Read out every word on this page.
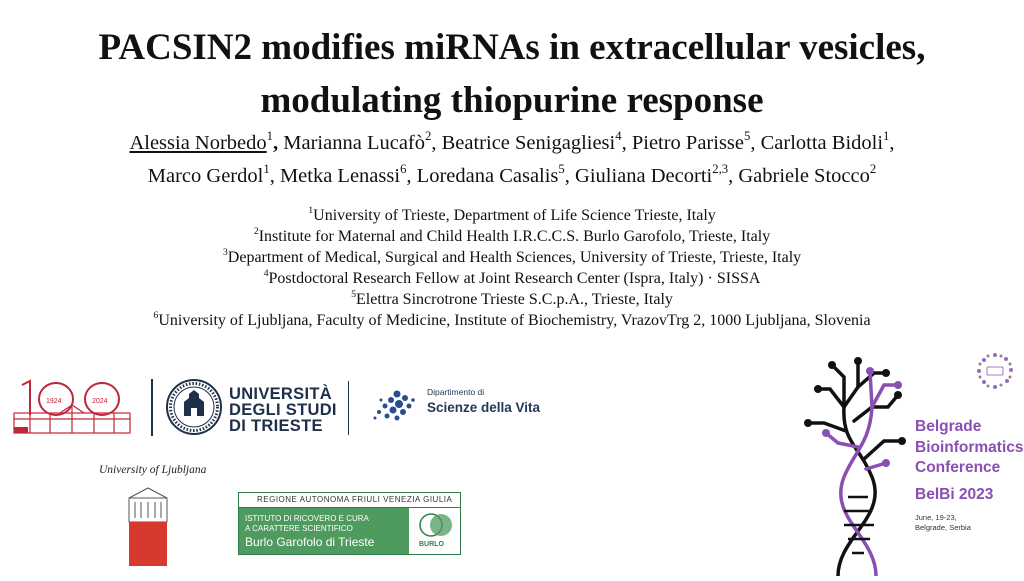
PACSIN2 modifies miRNAs in extracellular vesicles,
modulating thiopurine response
Alessia Norbedo$^1$, Marianna Lucafò$^2$, Beatrice Senigagliesi$^4$, Pietro Parisse$^5$, Carlotta Bidoli$^1$,
Marco Gerdol$^1$, Metka Lenassi$^6$, Loredana Casalis$^5$, Giuliana Decorti$^{2,3}$, Gabriele Stocco$^2$
$^1$University of Trieste, Department of Life Science Trieste, Italy
$^2$Institute for Maternal and Child Health I.R.C.C.S. Burlo Garofolo, Trieste, Italy
$^3$Department of Medical, Surgical and Health Sciences, University of Trieste, Trieste, Italy
$^4$Postdoctoral Research Fellow at Joint Research Center (Ispra, Italy) · SISSA
$^5$Elettra Sincrotrone Trieste S.C.p.A., Trieste, Italy
$^6$University of Ljubljana, Faculty of Medicine, Institute of Biochemistry, VrazovTrg 2, 1000 Ljubljana, Slovenia
1924	2024	UNIVERSITÀ
DEGLI STUDI
DI TRIESTE
Dipartimento di
Scienze della Vita
University of Ljubljana
REGIONE AUTONOMA FRIULI VENEZIA GIULIA
ISTITUTO DI RICOVERO E CURA
A CARATTERE SCIENTIFICO
Burlo Garofolo di Trieste	BURLO
Belgrade
Bioinformatics
Conference
BelBi 2023
June, 19-23,
Belgrade, Serbia
